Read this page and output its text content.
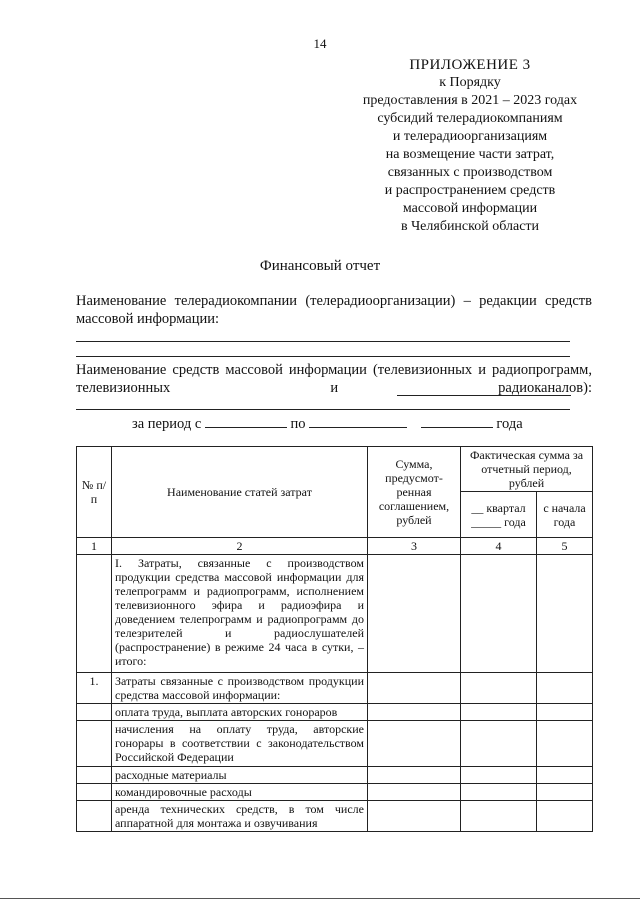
14
ПРИЛОЖЕНИЕ 3
к Порядку
предоставления в 2021 – 2023 годах
субсидий телерадиокомпаниям
и телерадиоорганизациям
на возмещение части затрат,
связанных с производством
и распространением средств
массовой информации
в Челябинской области
Финансовый отчет
Наименование телерадиокомпании (телерадиоорганизации) – редакции средств массовой информации:
Наименование средств массовой информации (телевизионных и радиопрограмм, телевизионных и радиоканалов):
за период с	по	года
№ п/п	Наименование статей затрат	Сумма, предусмот-ренная соглашением, рублей	Фактическая сумма за отчетный период, рублей	
			__ квартал _____ года	с начала года
1	2	3	4	5
	I. Затраты, связанные с производством продукции средства массовой информации для телепрограмм и радиопрограмм, исполнением телевизионного эфира и радиоэфира и доведением телепрограмм и радиопрограмм до телезрителей и радиослушателей (распространение) в режиме 24 часа в сутки, – итого:			
1.	Затраты связанные с производством продукции средства массовой информации:			
	оплата труда, выплата авторских гонораров			
	начисления на оплату труда, авторские гонорары в соответствии с законодательством Российской Федерации			
	расходные материалы			
	командировочные расходы			
	аренда технических средств, в том числе аппаратной для монтажа и озвучивания			
